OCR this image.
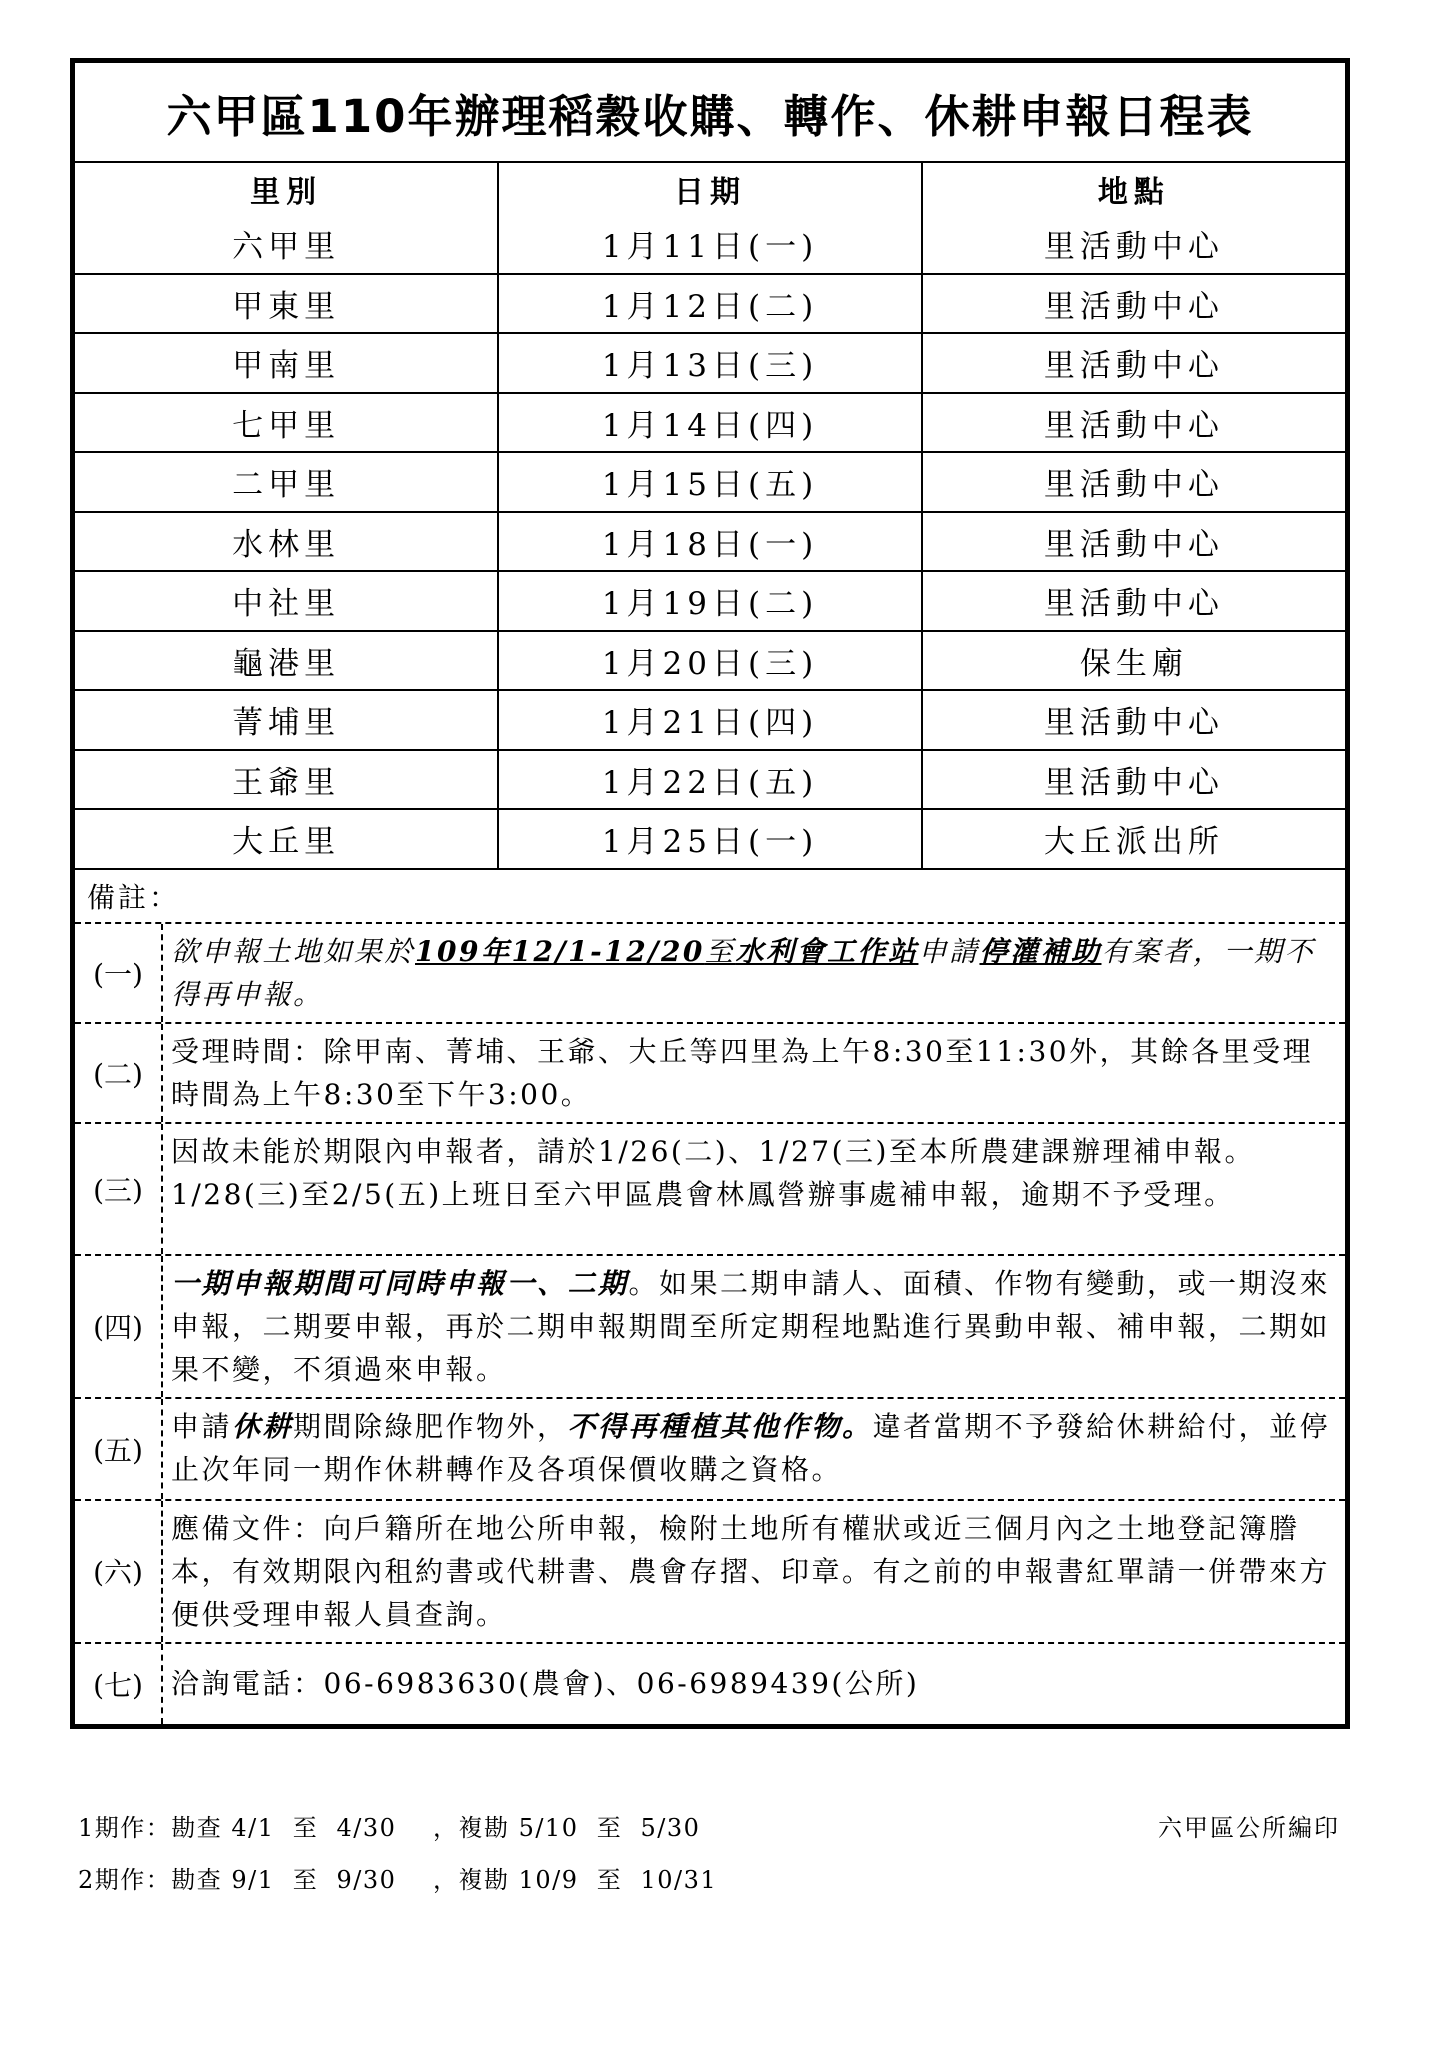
六甲區110年辦理稻穀收購、轉作、休耕申報日程表
里別	日期	地點
六甲里	1月11日(一)	里活動中心
甲東里	1月12日(二)	里活動中心
甲南里	1月13日(三)	里活動中心
七甲里	1月14日(四)	里活動中心
二甲里	1月15日(五)	里活動中心
水林里	1月18日(一)	里活動中心
中社里	1月19日(二)	里活動中心
龜港里	1月20日(三)	保生廟
菁埔里	1月21日(四)	里活動中心
王爺里	1月22日(五)	里活動中心
大丘里	1月25日(一)	大丘派出所
備註：
(一)
欲申報土地如果於109年12/1-12/20至水利會工作站申請停灌補助有案者，一期不得再申報。
(二)
受理時間：除甲南、菁埔、王爺、大丘等四里為上午8:30至11:30外，其餘各里受理時間為上午8:30至下午3:00。
(三)
因故未能於期限內申報者，請於1/26(二)、1/27(三)至本所農建課辦理補申報。1/28(三)至2/5(五)上班日至六甲區農會林鳳營辦事處補申報，逾期不予受理。
(四)
一期申報期間可同時申報一、二期。如果二期申請人、面積、作物有變動，或一期沒來申報，二期要申報，再於二期申報期間至所定期程地點進行異動申報、補申報，二期如果不變，不須過來申報。
(五)
申請休耕期間除綠肥作物外，不得再種植其他作物。違者當期不予發給休耕給付，並停止次年同一期作休耕轉作及各項保價收購之資格。
(六)
應備文件：向戶籍所在地公所申報，檢附土地所有權狀或近三個月內之土地登記簿謄本，有效期限內租約書或代耕書、農會存摺、印章。有之前的申報書紅單請一併帶來方便供受理申報人員查詢。
(七)	洽詢電話：06-6983630(農會)、06-6989439(公所)
1期作：勘查 4/1  至  4/30    ，複勘 5/10  至  5/30
2期作：勘查 9/1  至  9/30    ，複勘 10/9  至  10/31
六甲區公所編印
